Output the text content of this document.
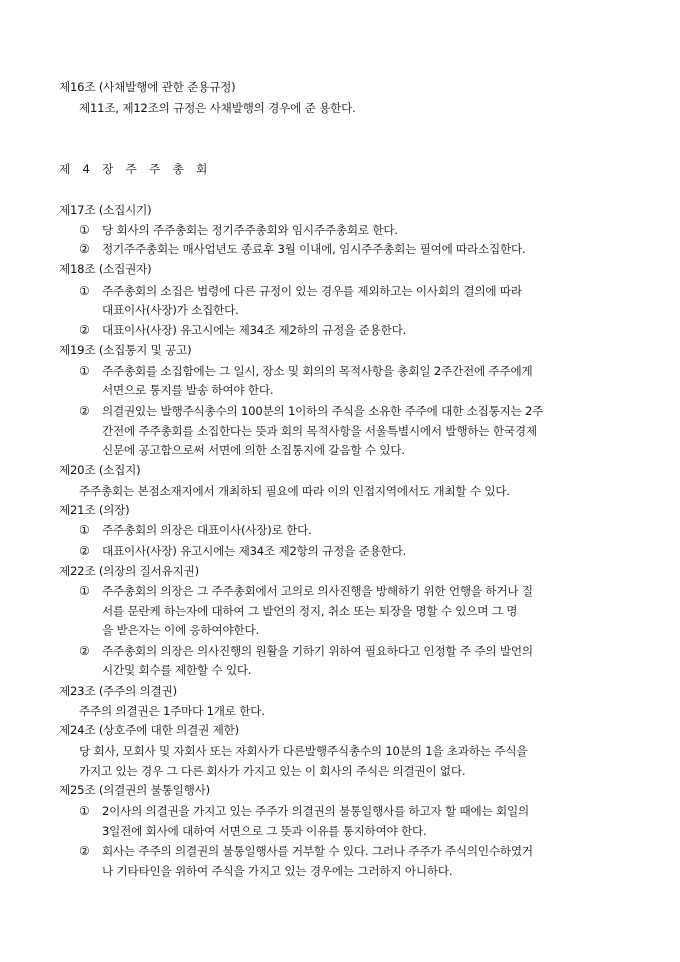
제16조 (사채발행에 관한 준용규정)
제11조, 제12조의 규정은 사채발행의 경우에 준 용한다.
제 4 장 주 주 총 회
제17조 (소집시기)
① 당 회사의 주주총회는 정기주주총회와 임시주주총회로 한다.
② 정기주주총회는 매사업년도 종료후 3월 이내에, 임시주주총회는 필여에 따라소집한다.
제18조 (소집권자)
① 주주총회의 소집은 법령에 다른 규정이 있는 경우를 제외하고는 이사회의 결의에 따라
대표이사(사장)가 소집한다.
② 대표이사(사장) 유고시에는 제34조 제2하의 규정을 준용한다.
제19조 (소집통지 및 공고)
① 주주총회를 소집함에는 그 일시, 장소 및 회의의 목적사항을 총회일 2주간전에 주주에게
서면으로 통지를 발송 하여야 한다.
② 의결권있는 발행주식총수의 100분의 1이하의 주식을 소유한 주주에 대한 소집통지는 2주
간전에 주주총회를 소집한다는 뜻과 회의 목적사항을 서울특별시에서 발행하는 한국경제
신문에 공고함으로써 서면에 의한 소집통지에 갈음할 수 있다.
제20조 (소집지)
주주총회는 본점소재지에서 개최하되 필요에 따라 이의 인접지역에서도 개최할 수 있다.
제21조 (의장)
① 주주총회의 의장은 대표이사(사장)로 한다.
② 대표이사(사장) 유고시에는 제34조 제2항의 규정을 준용한다.
제22조 (의장의 질서유지권)
① 주주총회의 의장은 그 주주총회에서 고의로 의사진행을 방해하기 위한 언행을 하거나 질
서를 문란케 하는자에 대하여 그 발언의 정지, 취소 또는 퇴장을 명할 수 있으며 그 명
을 받은자는 이에 응하여야한다.
② 주주총회의 의장은 의사진행의 원활을 기하기 위하여 필요하다고 인정할 주 주의 발언의
시간및 회수를 제한할 수 있다.
제23조 (주주의 의결권)
주주의 의결권은 1주마다 1개로 한다.
제24조 (상호주에 대한 의결권 제한)
당 회사, 모회사 및 자회사 또는 자회사가 다른발행주식총수의 10분의 1을 초과하는 주식을
가지고 있는 경우 그 다른 회사가 가지고 있는 이 회사의 주식은 의결권이 없다.
제25조 (의결권의 불통일행사)
① 2이사의 의결권을 가지고 있는 주주가 의결권의 불통일행사를 하고자 할 때에는 회일의
3일전에 회사에 대하여 서면으로 그 뜻과 이유를 통지하여야 한다.
② 회사는 주주의 의결권의 불통일행사를 거부할 수 있다. 그러나 주주가 주식의인수하였거
나 기타타인을 위하여 주식을 가지고 있는 경우에는 그러하지 아니하다.
